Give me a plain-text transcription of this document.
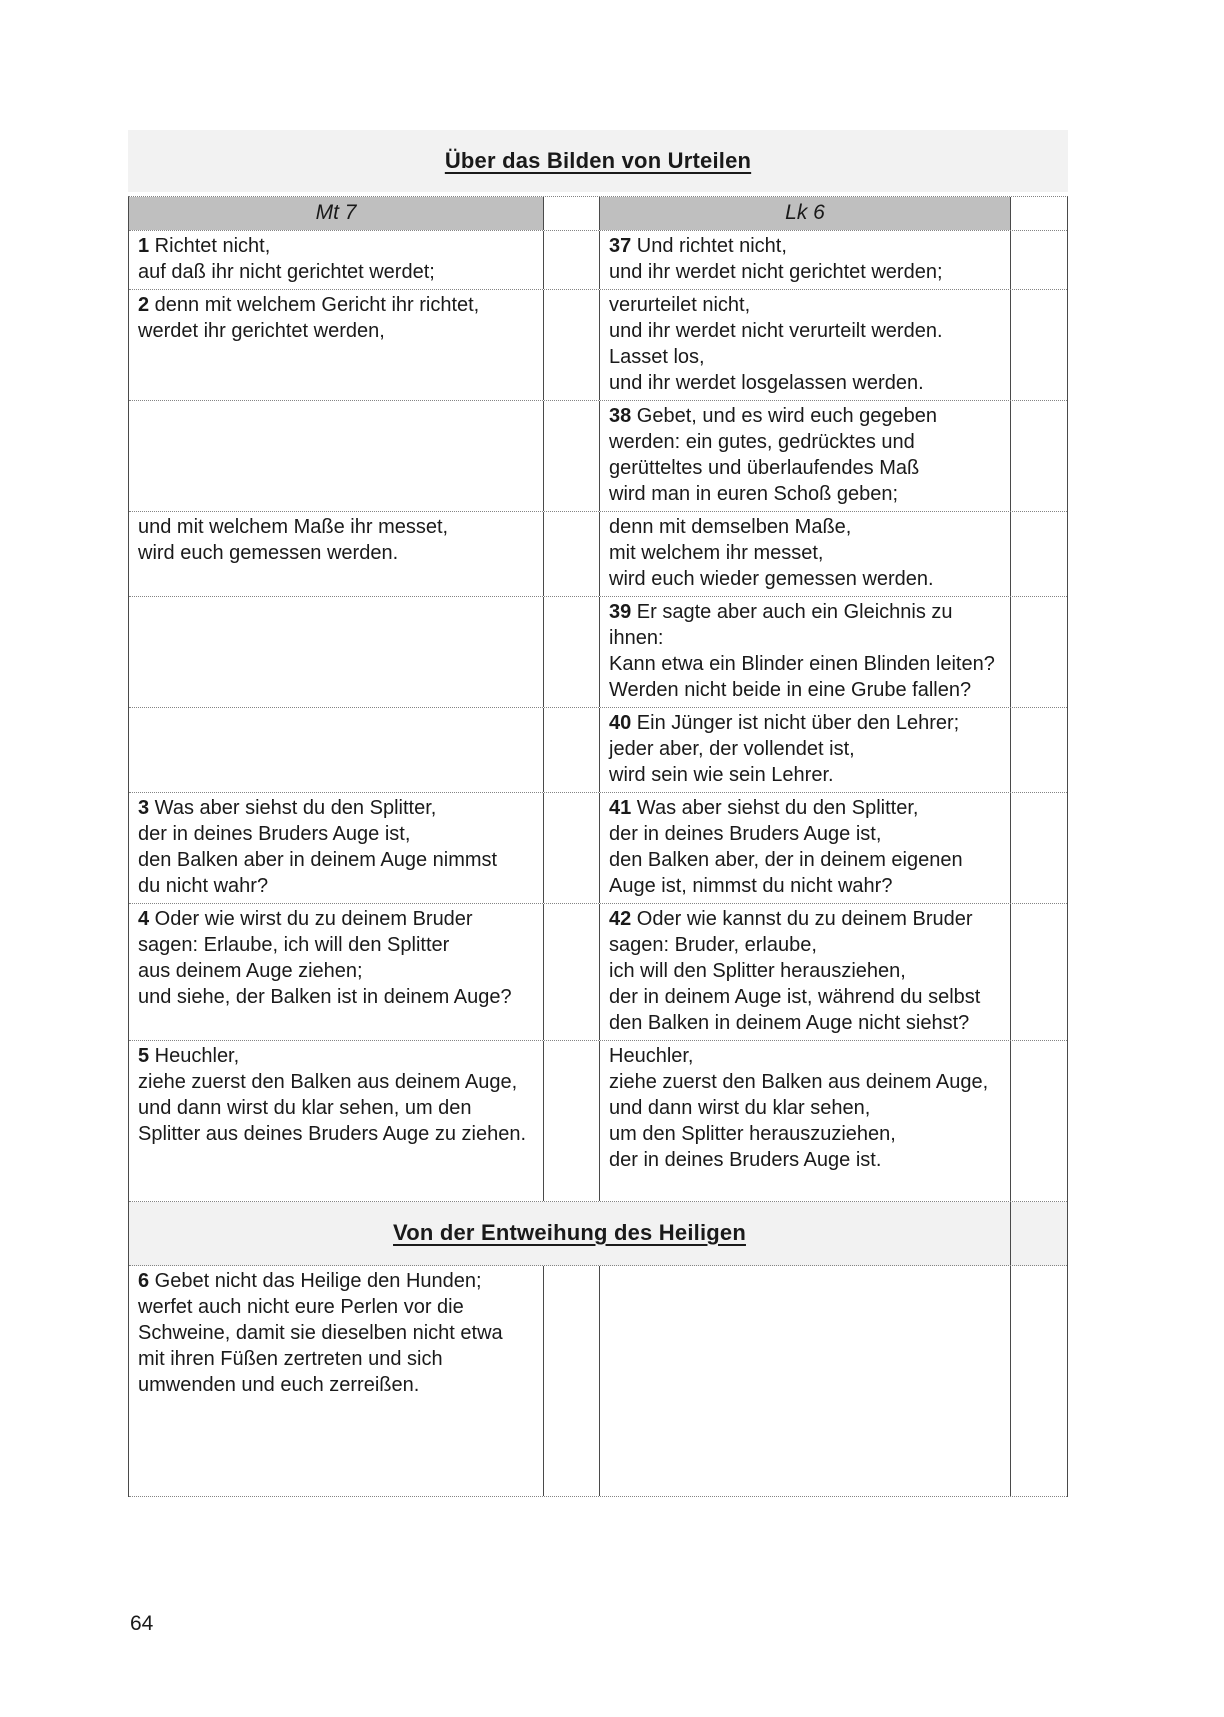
Über das Bilden von Urteilen
Mt 7	Lk 6
1 Richtet nicht,
auf daß ihr nicht gerichtet werdet;
37 Und richtet nicht,
und ihr werdet nicht gerichtet werden;
2 denn mit welchem Gericht ihr richtet,
werdet ihr gerichtet werden,
verurteilet nicht,
und ihr werdet nicht verurteilt werden.
Lasset los,
und ihr werdet losgelassen werden.
38 Gebet, und es wird euch gegeben
werden: ein gutes, gedrücktes und
gerütteltes und überlaufendes Maß
wird man in euren Schoß geben;
und mit welchem Maße ihr messet,
wird euch gemessen werden.
denn mit demselben Maße,
mit welchem ihr messet,
wird euch wieder gemessen werden.
39 Er sagte aber auch ein Gleichnis zu
ihnen:
Kann etwa ein Blinder einen Blinden leiten?
Werden nicht beide in eine Grube fallen?
40 Ein Jünger ist nicht über den Lehrer;
jeder aber, der vollendet ist,
wird sein wie sein Lehrer.
3 Was aber siehst du den Splitter,
der in deines Bruders Auge ist,
den Balken aber in deinem Auge nimmst
du nicht wahr?
41 Was aber siehst du den Splitter,
der in deines Bruders Auge ist,
den Balken aber, der in deinem eigenen
Auge ist, nimmst du nicht wahr?
4 Oder wie wirst du zu deinem Bruder
sagen: Erlaube, ich will den Splitter
aus deinem Auge ziehen;
und siehe, der Balken ist in deinem Auge?
42 Oder wie kannst du zu deinem Bruder
sagen: Bruder, erlaube,
ich will den Splitter herausziehen,
der in deinem Auge ist, während du selbst
den Balken in deinem Auge nicht siehst?
5 Heuchler,
ziehe zuerst den Balken aus deinem Auge,
und dann wirst du klar sehen, um den
Splitter aus deines Bruders Auge zu ziehen.
Heuchler,
ziehe zuerst den Balken aus deinem Auge,
und dann wirst du klar sehen,
um den Splitter herauszuziehen,
der in deines Bruders Auge ist.
Von der Entweihung des Heiligen
6 Gebet nicht das Heilige den Hunden;
werfet auch nicht eure Perlen vor die
Schweine, damit sie dieselben nicht etwa
mit ihren Füßen zertreten und sich
umwenden und euch zerreißen.
64
